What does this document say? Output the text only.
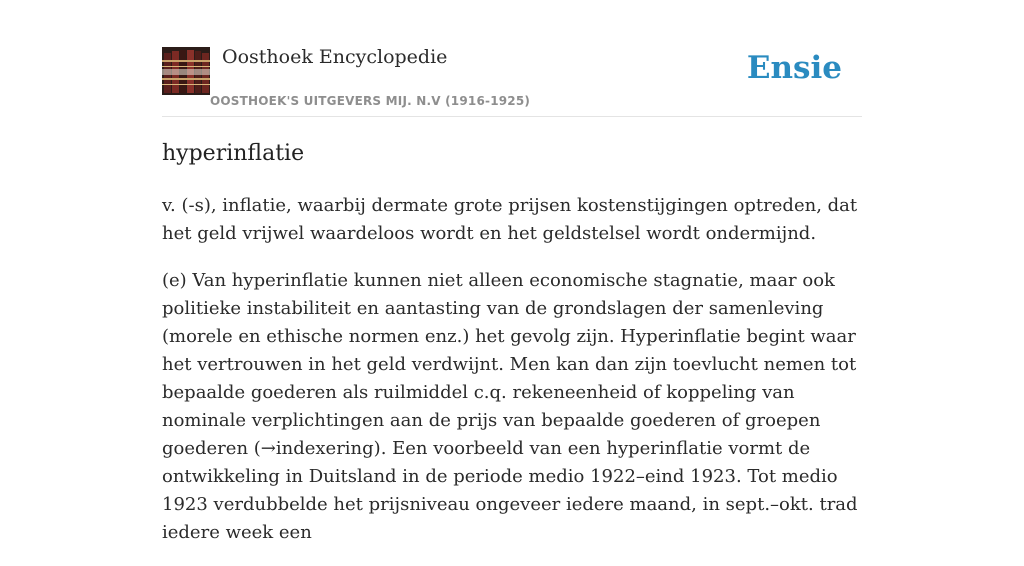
Oosthoek Encyclopedie
OOSTHOEK'S UITGEVERS MIJ. N.V (1916-1925)
Ensie
hyperinflatie

v. (-s), inflatie, waarbij dermate grote prijsen kostenstijgingen optreden, dat het geld vrijwel waardeloos wordt en het geldstelsel wordt ondermijnd.

(e) Van hyperinflatie kunnen niet alleen economische stagnatie, maar ook politieke instabiliteit en aantasting van de grondslagen der samenleving (morele en ethische normen enz.) het gevolg zijn. Hyperinflatie begint waar het vertrouwen in het geld verdwijnt. Men kan dan zijn toevlucht nemen tot bepaalde goederen als ruilmiddel c.q. rekeneenheid of koppeling van nominale verplichtingen aan de prijs van bepaalde goederen of groepen goederen (→indexering). Een voorbeeld van een hyperinflatie vormt de ontwikkeling in Duitsland in de periode medio 1922–eind 1923. Tot medio 1923 verdubbelde het prijsniveau ongeveer iedere maand, in sept.–okt. trad iedere week een
